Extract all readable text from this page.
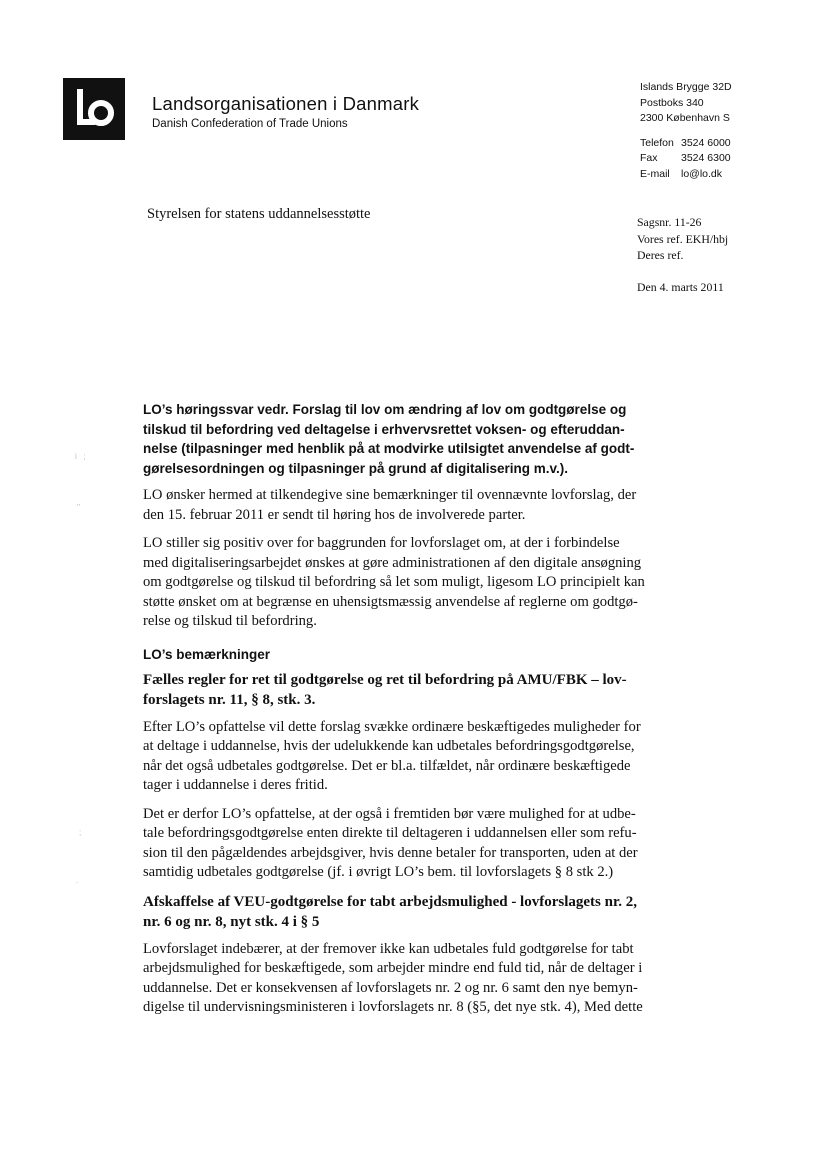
Landsorganisationen i Danmark
Danish Confederation of Trade Unions
Islands Brygge 32D
Postboks 340
2300 København S
Telefon 3524 6000
Fax	3524 6300
E-mail	lo@lo.dk
Styrelsen for statens uddannelsesstøtte	Sagsnr. 11-26
Vores ref. EKH/hbj
Deres ref.
Den 4. marts 2011
i   ;
''
;
.

LO’s høringssvar vedr. Forslag til lov om ændring af lov om godtgørelse og
tilskud til befordring ved deltagelse i erhvervsrettet voksen- og efteruddan-
nelse (tilpasninger med henblik på at modvirke utilsigtet anvendelse af godt-
gørelsesordningen og tilpasninger på grund af digitalisering m.v.).

LO ønsker hermed at tilkendegive sine bemærkninger til ovennævnte lovforslag, der
den 15. februar 2011 er sendt til høring hos de involverede parter.

LO stiller sig positiv over for baggrunden for lovforslaget om, at der i forbindelse
med digitaliseringsarbejdet ønskes at gøre administrationen af den digitale ansøgning
om godtgørelse og tilskud til befordring så let som muligt, ligesom LO principielt kan
støtte ønsket om at begrænse en uhensigtsmæssig anvendelse af reglerne om godtgø-
relse og tilskud til befordring.

LO’s bemærkninger

Fælles regler for ret til godtgørelse og ret til befordring på AMU/FBK – lov-
forslagets nr. 11, § 8, stk. 3.

Efter LO’s opfattelse vil dette forslag svække ordinære beskæftigedes muligheder for
at deltage i uddannelse, hvis der udelukkende kan udbetales befordringsgodtgørelse,
når det også udbetales godtgørelse. Det er bl.a. tilfældet, når ordinære beskæftigede
tager i uddannelse i deres fritid.

Det er derfor LO’s opfattelse, at der også i fremtiden bør være mulighed for at udbe-
tale befordringsgodtgørelse enten direkte til deltageren i uddannelsen eller som refu-
sion til den pågældendes arbejdsgiver, hvis denne betaler for transporten, uden at der
samtidig udbetales godtgørelse (jf. i øvrigt LO’s bem. til lovforslagets § 8 stk 2.)

Afskaffelse af VEU-godtgørelse for tabt arbejdsmulighed - lovforslagets nr. 2,
nr. 6 og nr. 8, nyt stk. 4 i § 5

Lovforslaget indebærer, at der fremover ikke kan udbetales fuld godtgørelse for tabt
arbejdsmulighed for beskæftigede, som arbejder mindre end fuld tid, når de deltager i
uddannelse. Det er konsekvensen af lovforslagets nr. 2 og nr. 6 samt den nye bemyn-
digelse til undervisningsministeren i lovforslagets nr. 8 (§5, det nye stk. 4), Med dette
